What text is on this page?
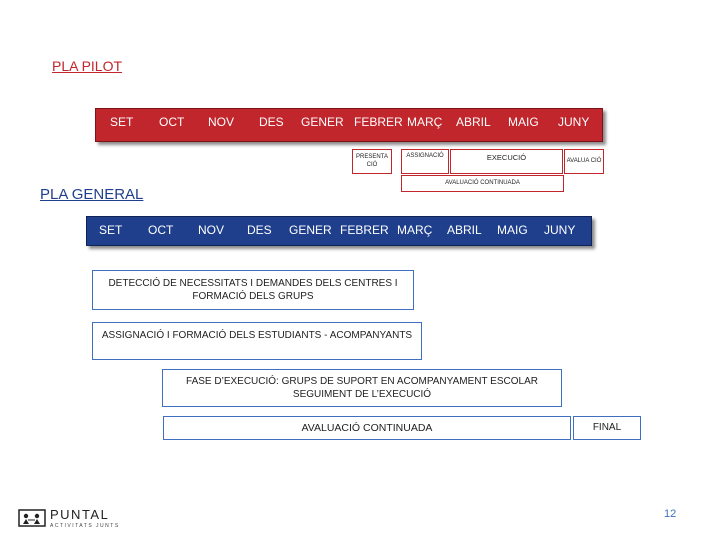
PLA PILOT
SET OCT NOV DES GENER FEBRER MARÇ ABRIL MAIG JUNY
PRESENTA CIÓ
ASSIGNACIÓ	EXECUCIÓ	AVALUA CIÓ
AVALUACIÓ CONTINUADA
PLA GENERAL
SET OCT NOV DES GENER FEBRER MARÇ ABRIL MAIG JUNY
DETECCIÓ DE NECESSITATS I DEMANDES DELS CENTRES I FORMACIÓ DELS GRUPS
ASSIGNACIÓ I FORMACIÓ DELS ESTUDIANTS - ACOMPANYANTS
FASE D’EXECUCIÓ: GRUPS DE SUPORT EN ACOMPANYAMENT ESCOLAR SEGUIMENT DE L’EXECUCIÓ
AVALUACIÓ CONTINUADA	FINAL
PUNTAL
ACTIVITATS JUNTS
12
